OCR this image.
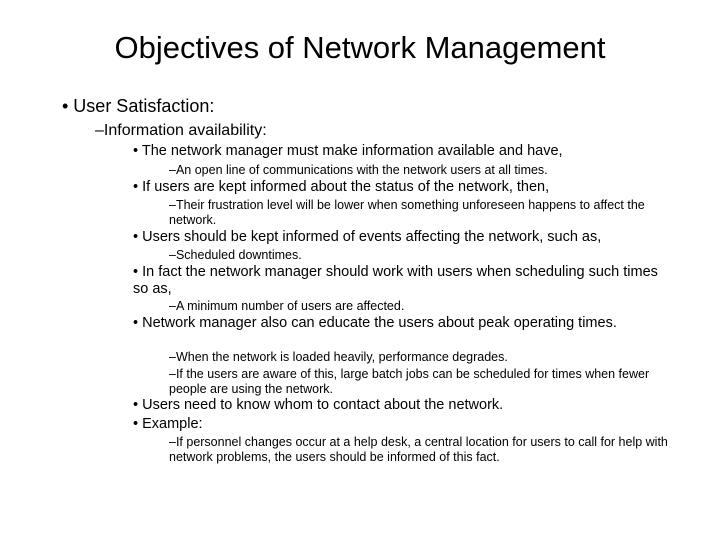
Objectives of Network Management
• User Satisfaction:
–Information availability:
• The network manager must make information available and have,
–An open line of communications with the network users at all times.
• If users are kept informed about the status of the network, then,
–Their frustration level will be lower when something unforeseen happens to affect the network.
• Users should be kept informed of events affecting the network, such as,
–Scheduled downtimes.
• In fact the network manager should work with users when scheduling such times so as,
–A minimum number of users are affected.
• Network manager also can educate the users about peak operating times.
–When the network is loaded heavily, performance degrades.
–If the users are aware of this, large batch jobs can be scheduled for times when fewer people are using the network.
• Users need to know whom to contact about the network.
• Example:
–If personnel changes occur at a help desk, a central location for users to call for help with network problems, the users should be informed of this fact.
